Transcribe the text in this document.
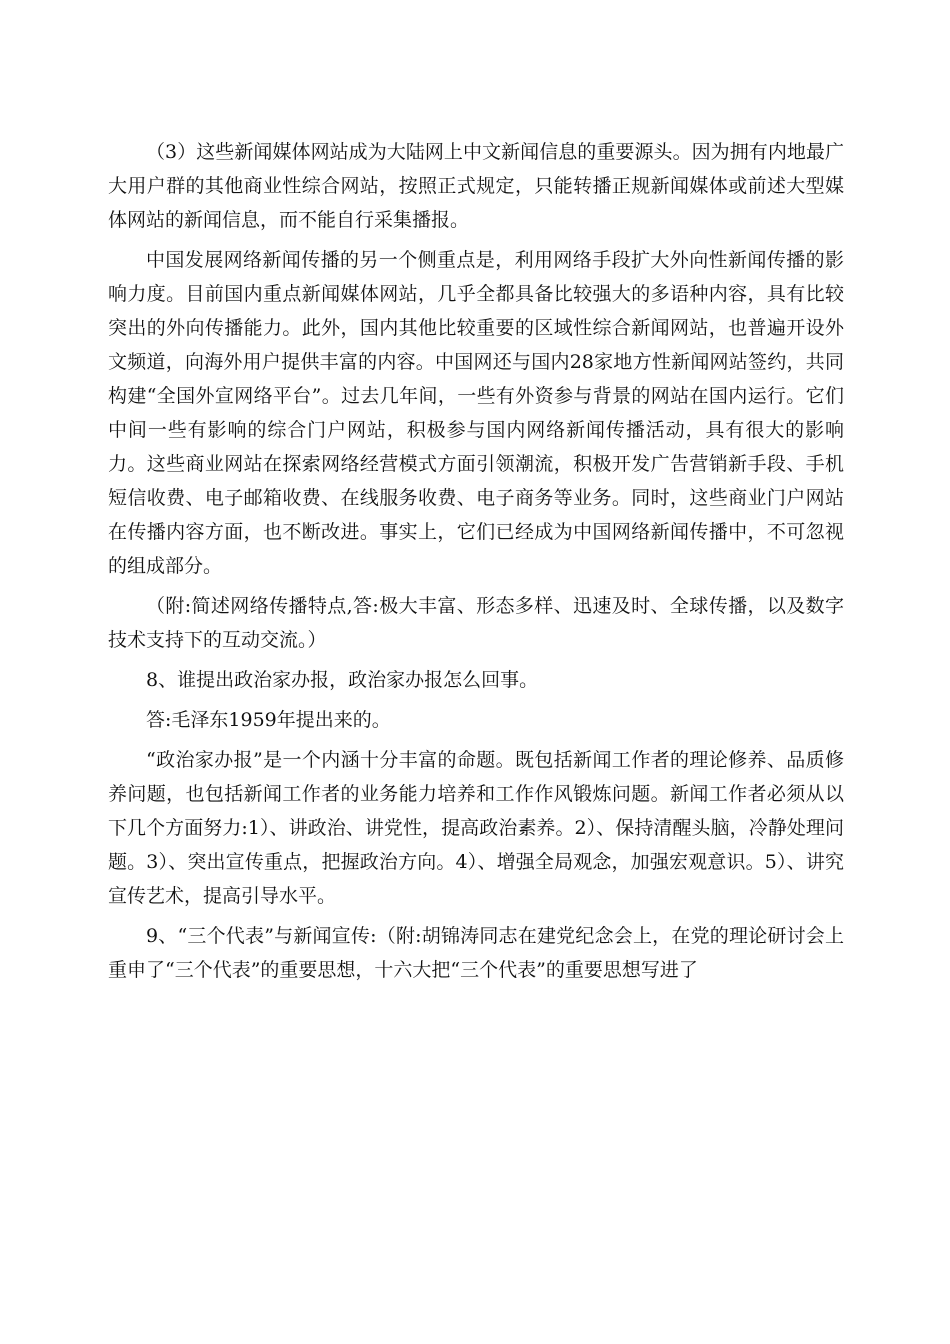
（3）这些新闻媒体网站成为大陆网上中文新闻信息的重要源头。因为拥有内地最广大用户群的其他商业性综合网站，按照正式规定，只能转播正规新闻媒体或前述大型媒体网站的新闻信息，而不能自行采集播报。

中国发展网络新闻传播的另一个侧重点是，利用网络手段扩大外向性新闻传播的影响力度。目前国内重点新闻媒体网站，几乎全都具备比较强大的多语种内容，具有比较突出的外向传播能力。此外，国内其他比较重要的区域性综合新闻网站，也普遍开设外文频道，向海外用户提供丰富的内容。中国网还与国内28家地方性新闻网站签约，共同构建“全国外宣网络平台”。过去几年间，一些有外资参与背景的网站在国内运行。它们中间一些有影响的综合门户网站，积极参与国内网络新闻传播活动，具有很大的影响力。这些商业网站在探索网络经营模式方面引领潮流，积极开发广告营销新手段、手机短信收费、电子邮箱收费、在线服务收费、电子商务等业务。同时，这些商业门户网站在传播内容方面，也不断改进。事实上，它们已经成为中国网络新闻传播中，不可忽视的组成部分。

（附:简述网络传播特点,答:极大丰富、形态多样、迅速及时、全球传播，以及数字技术支持下的互动交流。）

8、谁提出政治家办报，政治家办报怎么回事。

答:毛泽东1959年提出来的。

“政治家办报”是一个内涵十分丰富的命题。既包括新闻工作者的理论修养、品质修养问题，也包括新闻工作者的业务能力培养和工作作风锻炼问题。新闻工作者必须从以下几个方面努力:1）、讲政治、讲党性，提高政治素养。2）、保持清醒头脑，冷静处理问题。3）、突出宣传重点，把握政治方向。4）、增强全局观念，加强宏观意识。5）、讲究宣传艺术，提高引导水平。

9、“三个代表”与新闻宣传:（附:胡锦涛同志在建党纪念会上，在党的理论研讨会上重申了“三个代表”的重要思想，十六大把“三个代表”的重要思想写进了
